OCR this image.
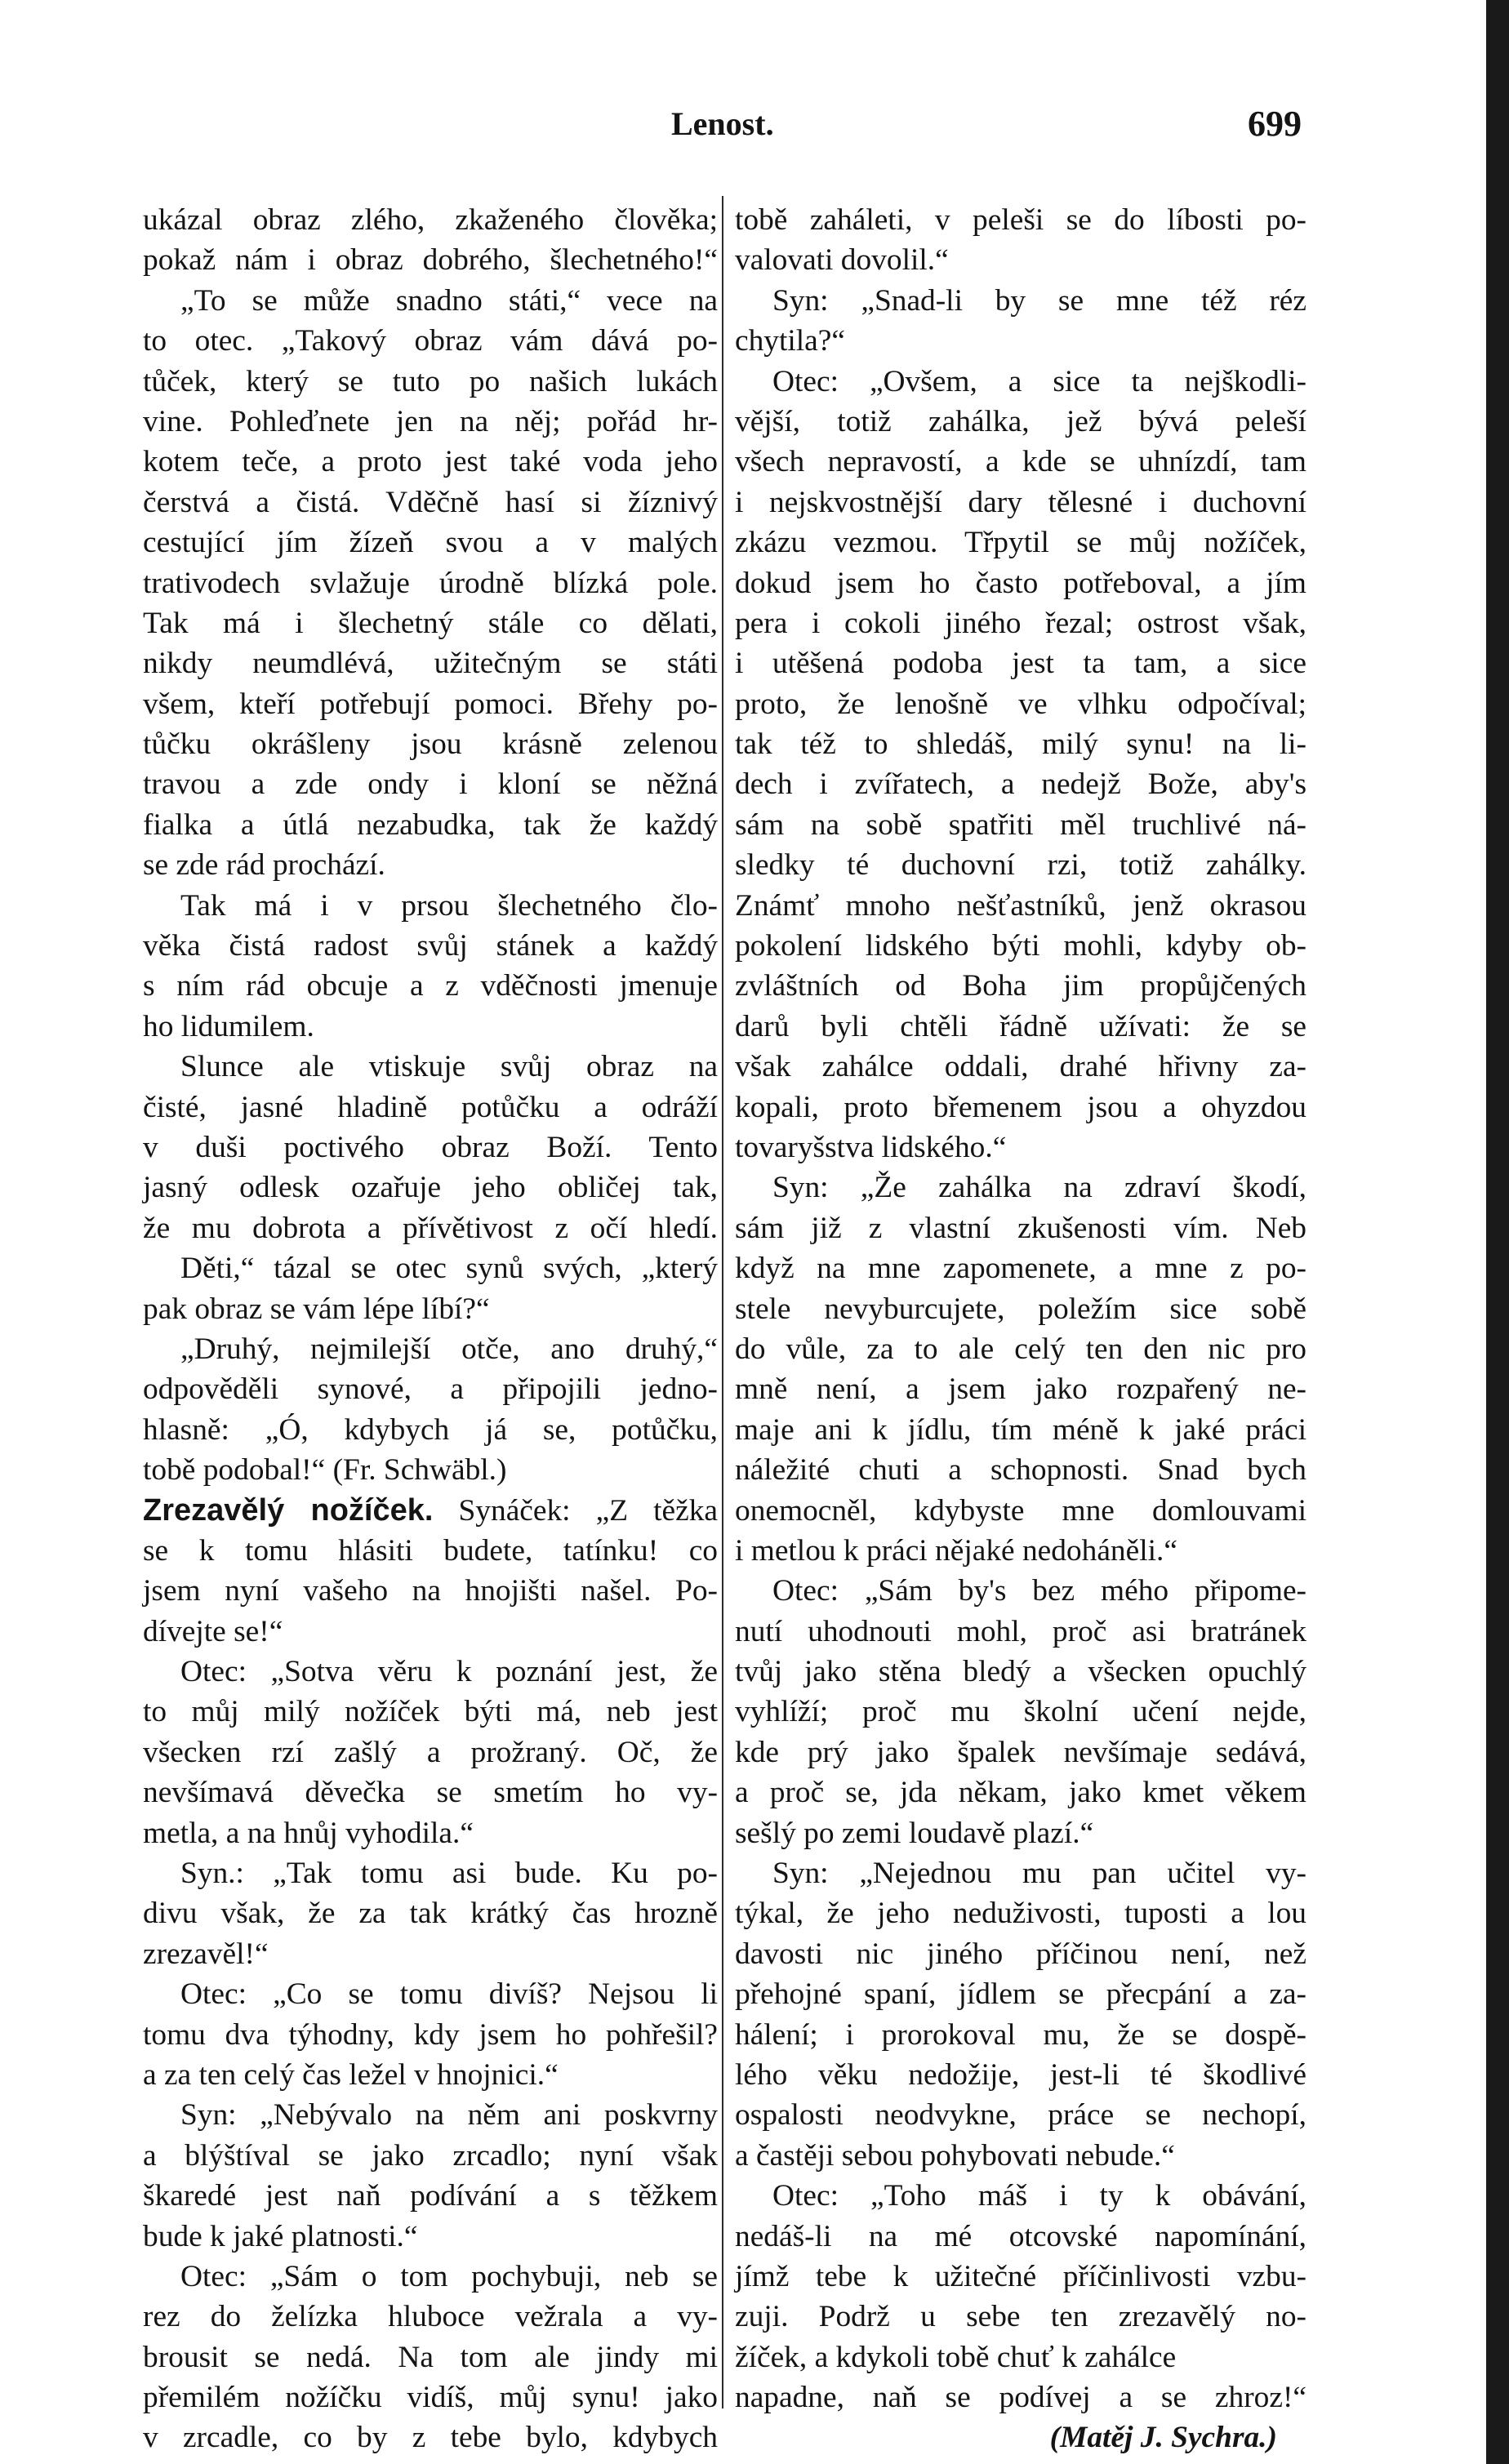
Lenost.	699
ukázal obraz zlého, zkaženého člověka;
pokaž nám i obraz dobrého, šlechetného!“
„To se může snadno státi,“ vece na
to otec. „Takový obraz vám dává po-
tůček, který se tuto po našich lukách
vine. Pohleďnete jen na něj; pořád hr-
kotem teče, a proto jest také voda jeho
čerstvá a čistá. Vděčně hasí si žíznivý
cestující jím žízeň svou a v malých
trativodech svlažuje úrodně blízká pole.
Tak má i šlechetný stále co dělati,
nikdy neumdlévá, užitečným se státi
všem, kteří potřebují pomoci. Břehy po-
tůčku okrášleny jsou krásně zelenou
travou a zde ondy i kloní se něžná
fialka a útlá nezabudka, tak že každý
se zde rád prochází.
Tak má i v prsou šlechetného člo-
věka čistá radost svůj stánek a každý
s ním rád obcuje a z vděčnosti jmenuje
ho lidumilem.
Slunce ale vtiskuje svůj obraz na
čisté, jasné hladině potůčku a odráží
v duši poctivého obraz Boží. Tento
jasný odlesk ozařuje jeho obličej tak,
že mu dobrota a přívětivost z očí hledí.
Děti,“ tázal se otec synů svých, „který
pak obraz se vám lépe líbí?“
„Druhý, nejmilejší otče, ano druhý,“
odpověděli synové, a připojili jedno-
hlasně: „Ó, kdybych já se, potůčku,
tobě podobal!“ (Fr. Schwäbl.)
Zrezavělý nožíček. Synáček: „Z těžka
se k tomu hlásiti budete, tatínku! co
jsem nyní vašeho na hnojišti našel. Po-
dívejte se!“
Otec: „Sotva věru k poznání jest, že
to můj milý nožíček býti má, neb jest
všecken rzí zašlý a prožraný. Oč, že
nevšímavá děvečka se smetím ho vy-
metla, a na hnůj vyhodila.“
Syn.: „Tak tomu asi bude. Ku po-
divu však, že za tak krátký čas hrozně
zrezavěl!“
Otec: „Co se tomu divíš? Nejsou li
tomu dva týhodny, kdy jsem ho pohřešil?
a za ten celý čas ležel v hnojnici.“
Syn: „Nebývalo na něm ani poskvrny
a blýštíval se jako zrcadlo; nyní však
škaredé jest naň podívání a s těžkem
bude k jaké platnosti.“
Otec: „Sám o tom pochybuji, neb se
rez do želízka hluboce vežrala a vy-
brousit se nedá. Na tom ale jindy mi
přemilém nožíčku vidíš, můj synu! jako
v zrcadle, co by z tebe bylo, kdybych
tobě zaháleti, v peleši se do líbosti po-
valovati dovolil.“
Syn: „Snad-li by se mne též réz
chytila?“
Otec: „Ovšem, a sice ta nejškodli-
vější, totiž zahálka, jež bývá peleší
všech nepravostí, a kde se uhnízdí, tam
i nejskvostnější dary tělesné i duchovní
zkázu vezmou. Třpytil se můj nožíček,
dokud jsem ho často potřeboval, a jím
pera i cokoli jiného řezal; ostrost však,
i utěšená podoba jest ta tam, a sice
proto, že lenošně ve vlhku odpočíval;
tak též to shledáš, milý synu! na li-
dech i zvířatech, a nedejž Bože, aby's
sám na sobě spatřiti měl truchlivé ná-
sledky té duchovní rzi, totiž zahálky.
Známť mnoho nešťastníků, jenž okrasou
pokolení lidského býti mohli, kdyby ob-
zvláštních od Boha jim propůjčených
darů byli chtěli řádně užívati: že se
však zahálce oddali, drahé hřivny za-
kopali, proto břemenem jsou a ohyzdou
tovaryšstva lidského.“
Syn: „Že zahálka na zdraví škodí,
sám již z vlastní zkušenosti vím. Neb
když na mne zapomenete, a mne z po-
stele nevyburcujete, poležím sice sobě
do vůle, za to ale celý ten den nic pro
mně není, a jsem jako rozpařený ne-
maje ani k jídlu, tím méně k jaké práci
náležité chuti a schopnosti. Snad bych
onemocněl, kdybyste mne domlouvami
i metlou k práci nějaké nedohánělі.“
Otec: „Sám by's bez mého připome-
nutí uhodnouti mohl, proč asi bratránek
tvůj jako stěna bledý a všecken opuchlý
vyhlíží; proč mu školní učení nejde,
kde prý jako špalek nevšímaje sedává,
a proč se, jda někam, jako kmet věkem
sešlý po zemi loudavě plazí.“
Syn: „Nejednou mu pan učitel vy-
týkal, že jeho neduživosti, tuposti a lou
davosti nic jiného příčinou není, než
přehojné spaní, jídlem se přecpání a za-
hálení; i prorokoval mu, že se dospě-
lého věku nedožije, jest-li té škodlivé
ospalosti neodvykne, práce se nechopí,
a častěji sebou pohybovati nebude.“
Otec: „Toho máš i ty k obávání,
nedáš-li na mé otcovské napomínání,
jímž tebe k užitečné příčinlivosti vzbu-
zuji. Podrž u sebe ten zrezavělý no-
žíček, a kdykoli tobě chuť k zahálce
napadne, naň se podívej a se zhroz!“
(Matěj J. Sychra.)
